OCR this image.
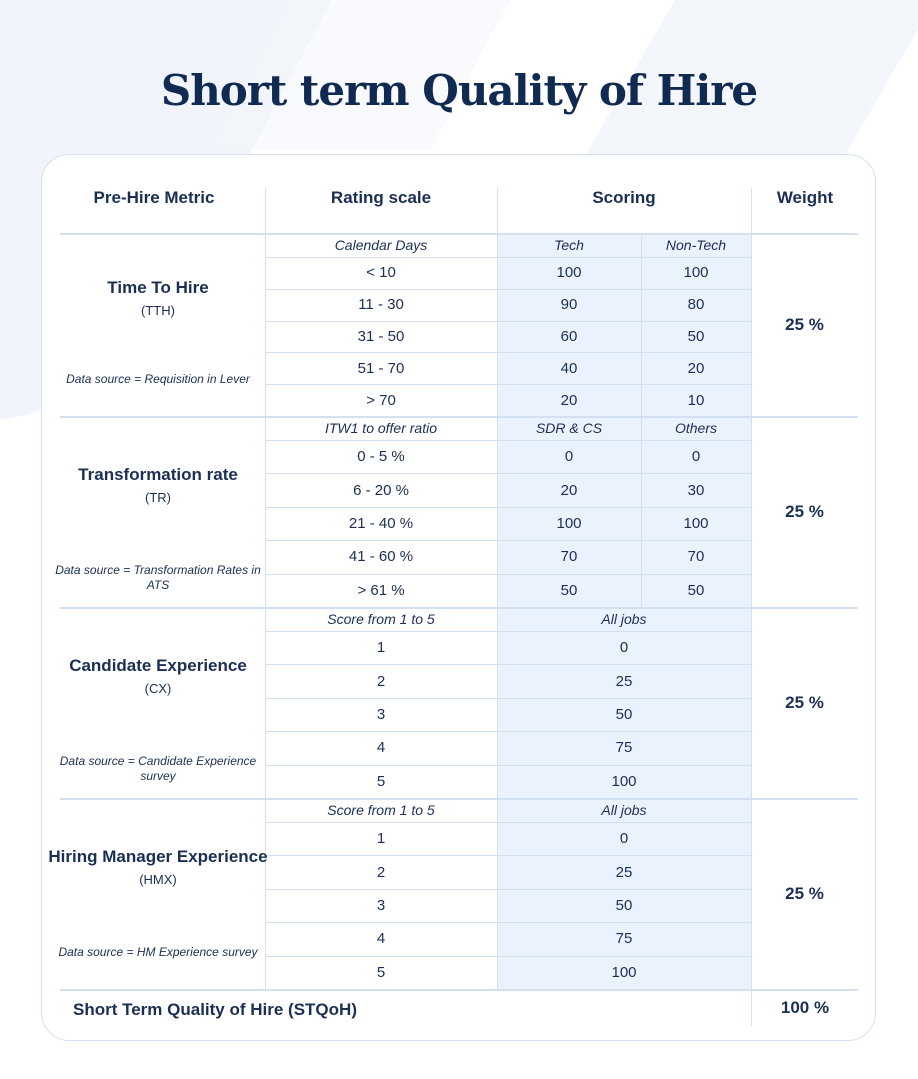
Short term Quality of Hire
Pre-Hire Metric	Rating scale	Scoring	Weight
Time To Hire
(TTH)
Data source = Requisition in Lever
25 %
Calendar Days	Tech	Non-Tech
< 10	100	100
11 - 30	90	80
31 - 50	60	50
51 - 70	40	20
> 70	20	10
Transformation rate
(TR)
Data source = Transformation Rates in ATS
25 %
ITW1 to offer ratio	SDR & CS	Others
0 - 5 %	0	0
6 - 20 %	20	30
21 - 40 %	100	100
41 - 60 %	70	70
> 61 %	50	50
Candidate Experience
(CX)
Data source = Candidate Experience survey
25 %
Score from 1 to 5	All jobs
1	0
2	25
3	50
4	75
5	100
Hiring Manager Experience
(HMX)
Data source = HM Experience survey
25 %
Score from 1 to 5	All jobs
1	0
2	25
3	50
4	75
5	100
Short Term Quality of Hire (STQoH)	100 %
